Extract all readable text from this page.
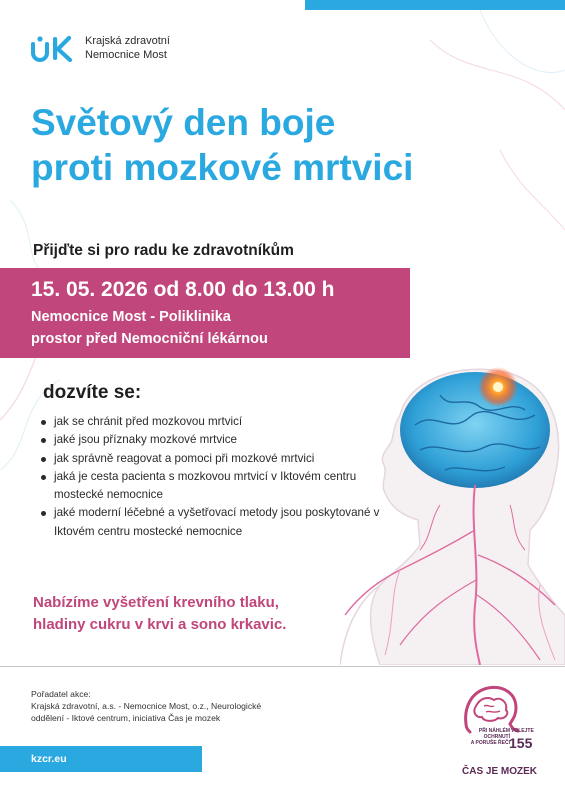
Krajská zdravotní
Nemocnice Most
Světový den boje
proti mozkové mrtvici
Přijďte si pro radu ke zdravotníkům
15. 05. 2026 od 8.00 do 13.00 h
Nemocnice Most - Poliklinika
prostor před Nemocniční lékárnou
dozvíte se:
jak se chránit před mozkovou mrtvicí
jaké jsou příznaky mozkové mrtvice
jak správně reagovat a pomoci při mozkové mrtvici
jaká je cesta pacienta s mozkovou mrtvicí v Iktovém centru mostecké nemocnice
jaké moderní léčebné a vyšetřovací metody jsou poskytované v Iktovém centru mostecké nemocnice
Nabízíme vyšetření krevního tlaku,
hladiny cukru v krvi a sono krkavic.
Pořadatel akce:
Krajská zdravotní, a.s. - Nemocnice Most, o.z., Neurologické
oddělení - Iktové centrum, iniciativa Čas je mozek
kzcr.eu
PŘI NÁHLÉM
OCHRNUTÍ
A PORUŠE ŘEČI
VOLEJTE
155
ČAS JE MOZEK
